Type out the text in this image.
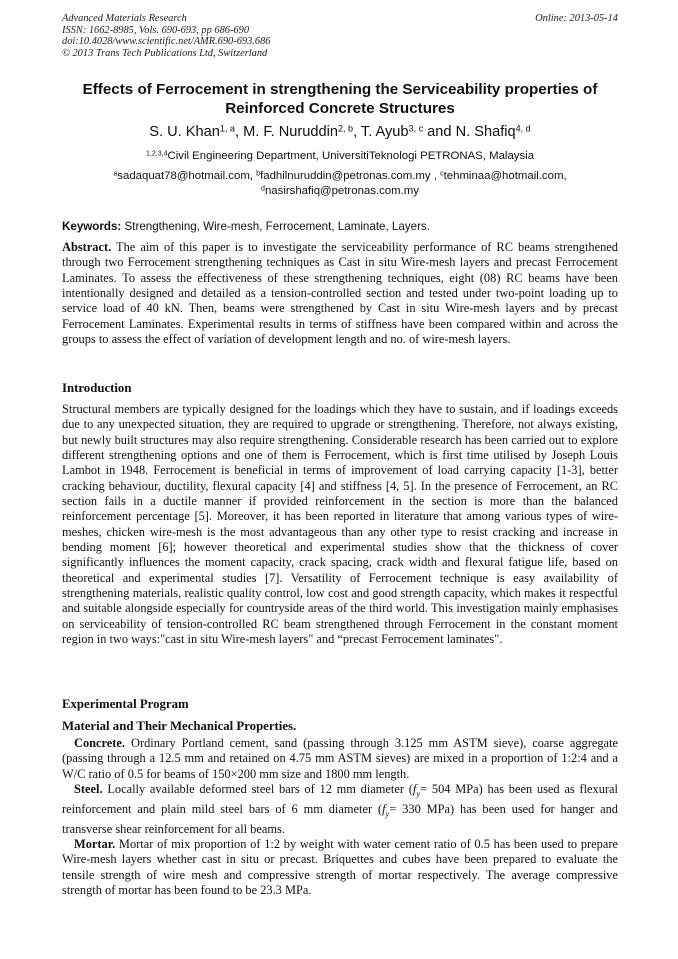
Advanced Materials Research
ISSN: 1662-8985, Vols. 690-693, pp 686-690
doi:10.4028/www.scientific.net/AMR.690-693.686
© 2013 Trans Tech Publications Ltd, Switzerland
Online: 2013-05-14
Effects of Ferrocement in strengthening the Serviceability properties of Reinforced Concrete Structures
S. U. Khan$^{1, a}$, M. F. Nuruddin$^{2, b}$, T. Ayub$^{3, c}$ and N. Shafiq$^{4, d}$
$^{1,2,3,4}$Civil Engineering Department, UniversitiTeknologi PETRONAS, Malaysia
$^a$sadaquat78@hotmail.com, $^b$fadhilnuruddin@petronas.com.my , $^c$tehminaa@hotmail.com,
$^d$nasirshafiq@petronas.com.my
Keywords: Strengthening, Wire-mesh, Ferrocement, Laminate, Layers.
Abstract. The aim of this paper is to investigate the serviceability performance of RC beams strengthened through two Ferrocement strengthening techniques as Cast in situ Wire-mesh layers and precast Ferrocement Laminates. To assess the effectiveness of these strengthening techniques, eight (08) RC beams have been intentionally designed and detailed as a tension-controlled section and tested under two-point loading up to service load of 40 kN. Then, beams were strengthened by Cast in situ Wire-mesh layers and by precast Ferrocement Laminates. Experimental results in terms of stiffness have been compared within and across the groups to assess the effect of variation of development length and no. of wire-mesh layers.
Introduction
Structural members are typically designed for the loadings which they have to sustain, and if loadings exceeds due to any unexpected situation, they are required to upgrade or strengthening. Therefore, not always existing, but newly built structures may also require strengthening. Considerable research has been carried out to explore different strengthening options and one of them is Ferrocement, which is first time utilised by Joseph Louis Lambot in 1948. Ferrocement is beneficial in terms of improvement of load carrying capacity [1-3], better cracking behaviour, ductility, flexural capacity [4] and stiffness [4, 5]. In the presence of Ferrocement, an RC section fails in a ductile manner if provided reinforcement in the section is more than the balanced reinforcement percentage [5]. Moreover, it has been reported in literature that among various types of wire-meshes, chicken wire-mesh is the most advantageous than any other type to resist cracking and increase in bending moment [6]; however theoretical and experimental studies show that the thickness of cover significantly influences the moment capacity, crack spacing, crack width and flexural fatigue life, based on theoretical and experimental studies [7]. Versatility of Ferrocement technique is easy availability of strengthening materials, realistic quality control, low cost and good strength capacity, which makes it respectful and suitable alongside especially for countryside areas of the third world. This investigation mainly emphasises on serviceability of tension-controlled RC beam strengthened through Ferrocement in the constant moment region in two ways:"cast in situ Wire-mesh layers" and “precast Ferrocement laminates".
Experimental Program
Material and Their Mechanical Properties.

Concrete. Ordinary Portland cement, sand (passing through 3.125 mm ASTM sieve), coarse aggregate (passing through a 12.5 mm and retained on 4.75 mm ASTM sieves) are mixed in a proportion of 1:2:4 and a W/C ratio of 0.5 for beams of 150×200 mm size and 1800 mm length.

Steel. Locally available deformed steel bars of 12 mm diameter ($f_y= 504$ MPa) has been used as flexural reinforcement and plain mild steel bars of 6 mm diameter ($f_y= 330$ MPa) has been used for hanger and transverse shear reinforcement for all beams.

Mortar. Mortar of mix proportion of 1:2 by weight with water cement ratio of 0.5 has been used to prepare Wire-mesh layers whether cast in situ or precast. Briquettes and cubes have been prepared to evaluate the tensile strength of wire mesh and compressive strength of mortar respectively. The average compressive strength of mortar has been found to be 23.3 MPa.
